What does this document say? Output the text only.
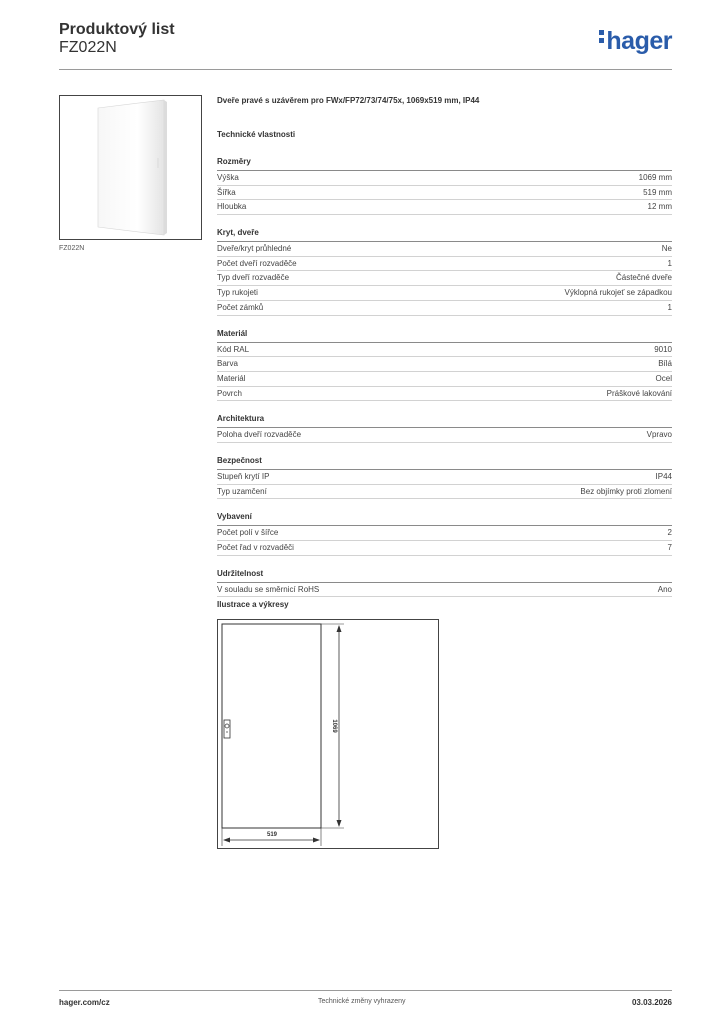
Produktový list
FZ022N	hager
FZ022N
Dveře pravé s uzávěrem pro FWx/FP72/73/74/75x, 1069x519 mm, IP44
Technické vlastnosti
Rozměry
Výška	1069 mm
Šířka	519 mm
Hloubka	12 mm
Kryt, dveře
Dveře/kryt průhledné	Ne
Počet dveří rozvaděče	1
Typ dveří rozvaděče	Částečné dveře
Typ rukojeti	Výklopná rukojeť se západkou
Počet zámků	1
Materiál
Kód RAL	9010
Barva	Bílá
Materiál	Ocel
Povrch	Práškové lakování
Architektura
Poloha dveří rozvaděče	Vpravo
Bezpečnost
Stupeň krytí IP	IP44
Typ uzamčení	Bez objímky proti zlomení
Vybavení
Počet polí v šířce	2
Počet řad v rozvaděči	7
Udržitelnost
V souladu se směrnicí RoHS	Ano
Ilustrace a výkresy
1069
519
hager.com/cz	Technické změny vyhrazeny	03.03.2026
